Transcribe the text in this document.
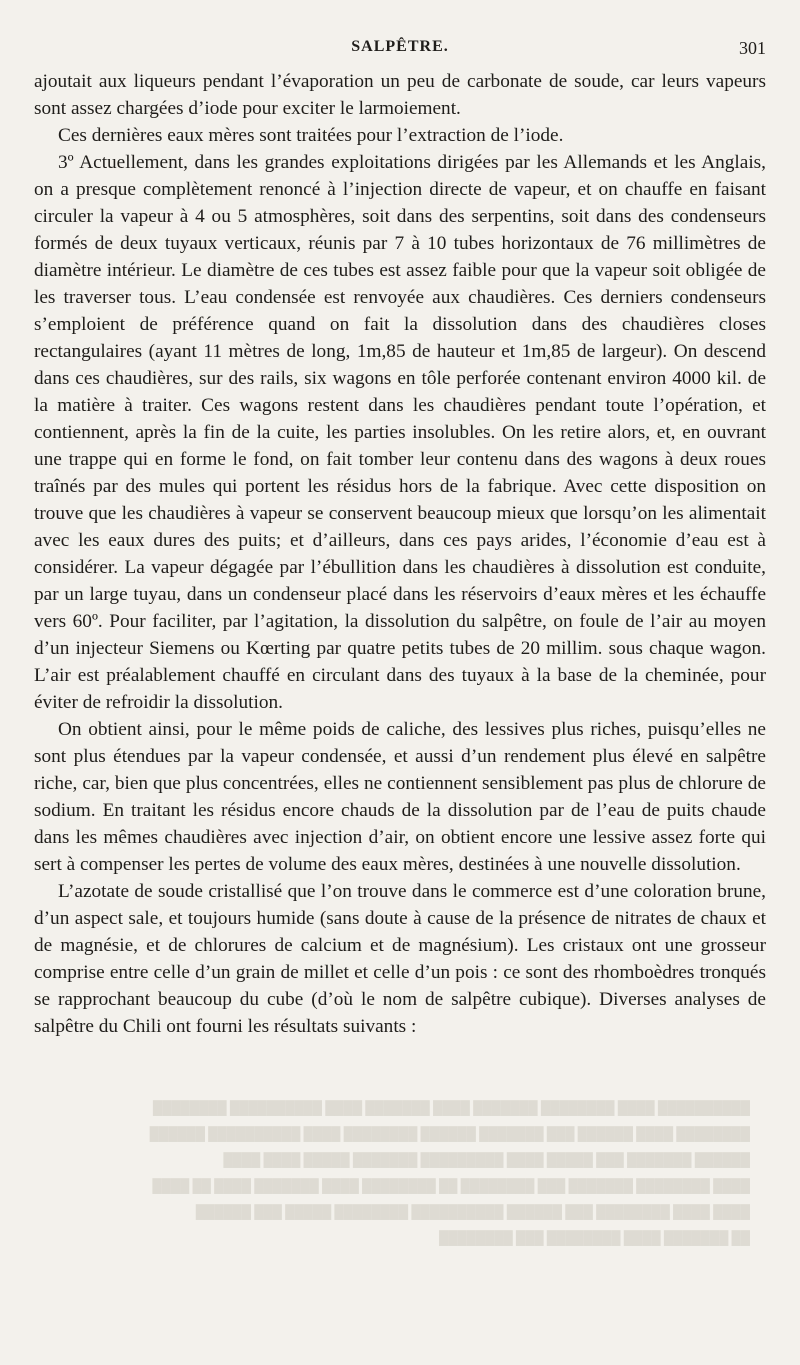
SALPÊTRE.	301

ajoutait aux liqueurs pendant l’évaporation un peu de carbonate de soude, car leurs vapeurs sont assez chargées d’iode pour exciter le larmoiement.

Ces dernières eaux mères sont traitées pour l’extraction de l’iode.

3º Actuellement, dans les grandes exploitations dirigées par les Allemands et les Anglais, on a presque complètement renoncé à l’injection directe de vapeur, et on chauffe en faisant circuler la vapeur à 4 ou 5 atmosphères, soit dans des serpentins, soit dans des condenseurs formés de deux tuyaux verticaux, réunis par 7 à 10 tubes horizontaux de 76 millimètres de diamètre intérieur. Le diamètre de ces tubes est assez faible pour que la vapeur soit obligée de les traverser tous. L’eau condensée est renvoyée aux chaudières. Ces derniers condenseurs s’emploient de préférence quand on fait la dissolution dans des chaudières closes rectangulaires (ayant 11 mètres de long, 1m,85 de hauteur et 1m,85 de largeur). On descend dans ces chaudières, sur des rails, six wagons en tôle perforée contenant environ 4000 kil. de la matière à traiter. Ces wagons restent dans les chaudières pendant toute l’opération, et contiennent, après la fin de la cuite, les parties insolubles. On les retire alors, et, en ouvrant une trappe qui en forme le fond, on fait tomber leur contenu dans des wagons à deux roues traînés par des mules qui portent les résidus hors de la fabrique. Avec cette disposition on trouve que les chaudières à vapeur se conservent beaucoup mieux que lorsqu’on les alimentait avec les eaux dures des puits; et d’ailleurs, dans ces pays arides, l’économie d’eau est à considérer. La vapeur dégagée par l’ébullition dans les chaudières à dissolution est conduite, par un large tuyau, dans un condenseur placé dans les réservoirs d’eaux mères et les échauffe vers 60º. Pour faciliter, par l’agitation, la dissolution du salpêtre, on foule de l’air au moyen d’un injecteur Siemens ou Kœrting par quatre petits tubes de 20 millim. sous chaque wagon. L’air est préalablement chauffé en circulant dans des tuyaux à la base de la cheminée, pour éviter de refroidir la dissolution.

On obtient ainsi, pour le même poids de caliche, des lessives plus riches, puisqu’elles ne sont plus étendues par la vapeur condensée, et aussi d’un rendement plus élevé en salpêtre riche, car, bien que plus concentrées, elles ne contiennent sensiblement pas plus de chlorure de sodium. En traitant les résidus encore chauds de la dissolution par de l’eau de puits chaude dans les mêmes chaudières avec injection d’air, on obtient encore une lessive assez forte qui sert à compenser les pertes de volume des eaux mères, destinées à une nouvelle dissolution.

L’azotate de soude cristallisé que l’on trouve dans le commerce est d’une coloration brune, d’un aspect sale, et toujours humide (sans doute à cause de la présence de nitrates de chaux et de magnésie, et de chlorures de calcium et de magnésium). Les cristaux ont une grosseur comprise entre celle d’un grain de millet et celle d’un pois : ce sont des rhomboèdres tronqués se rapprochant beaucoup du cube (d’où le nom de salpêtre cubique). Diverses analyses de salpêtre du Chili ont fourni les résultats suivants :

██████████ ████ ████████ ███████ ████ ███████ ████ ██████████ ████████
████████ ████ ██████ ███ ███████ ██████ ████████ ████ ██████████ ██████
██████ ███████ ███ █████ ████ █████████ ███████ █████ ████ ████
████ ████████ ███████ ███ ████████ ██ ████████ ████ ███████ ████ ██ ████
████ ████ ████████ ███ ██████ ██████████ ████████ █████ ███ ██████
██ ███████ ████ ████████ ███ ████████
